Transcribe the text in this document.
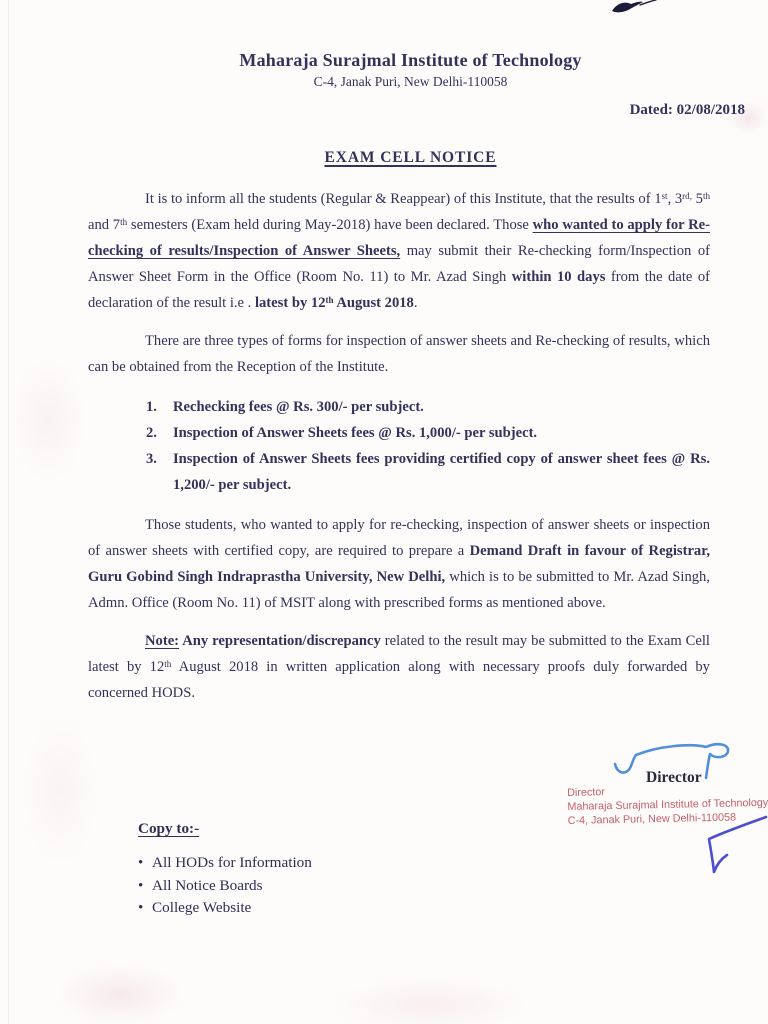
Maharaja Surajmal Institute of Technology
C-4, Janak Puri, New Delhi-110058
Dated: 02/08/2018
EXAM CELL NOTICE

It is to inform all the students (Regular & Reappear) of this Institute, that the results of 1st, $3^{rd,}$ 5th and 7th semesters (Exam held during May-2018) have been declared. Those who wanted to apply for Re-checking of results/Inspection of Answer Sheets, may submit their Re-checking form/Inspection of Answer Sheet Form in the Office (Room No. 11) to Mr. Azad Singh within 10 days from the date of declaration of the result i.e . latest by 12th August 2018.

There are three types of forms for inspection of answer sheets and Re-checking of results, which can be obtained from the Reception of the Institute.

1. Rechecking fees @ Rs. 300/- per subject.
2. Inspection of Answer Sheets fees @ Rs. 1,000/- per subject.
3. Inspection of Answer Sheets fees providing certified copy of answer sheet fees @ Rs. 1,200/- per subject.

Those students, who wanted to apply for re-checking, inspection of answer sheets or inspection of answer sheets with certified copy, are required to prepare a Demand Draft in favour of Registrar, Guru Gobind Singh Indraprastha University, New Delhi, which is to be submitted to Mr. Azad Singh, Admn. Office (Room No. 11) of MSIT along with prescribed forms as mentioned above.

Note: Any representation/discrepancy related to the result may be submitted to the Exam Cell latest by 12th August 2018 in written application along with necessary proofs duly forwarded by concerned HODS.

Director
Director
Maharaja Surajmal Institute of Technology
C-4, Janak Puri, New Delhi-110058
Copy to:-
• All HODs for Information
• All Notice Boards
• College Website
